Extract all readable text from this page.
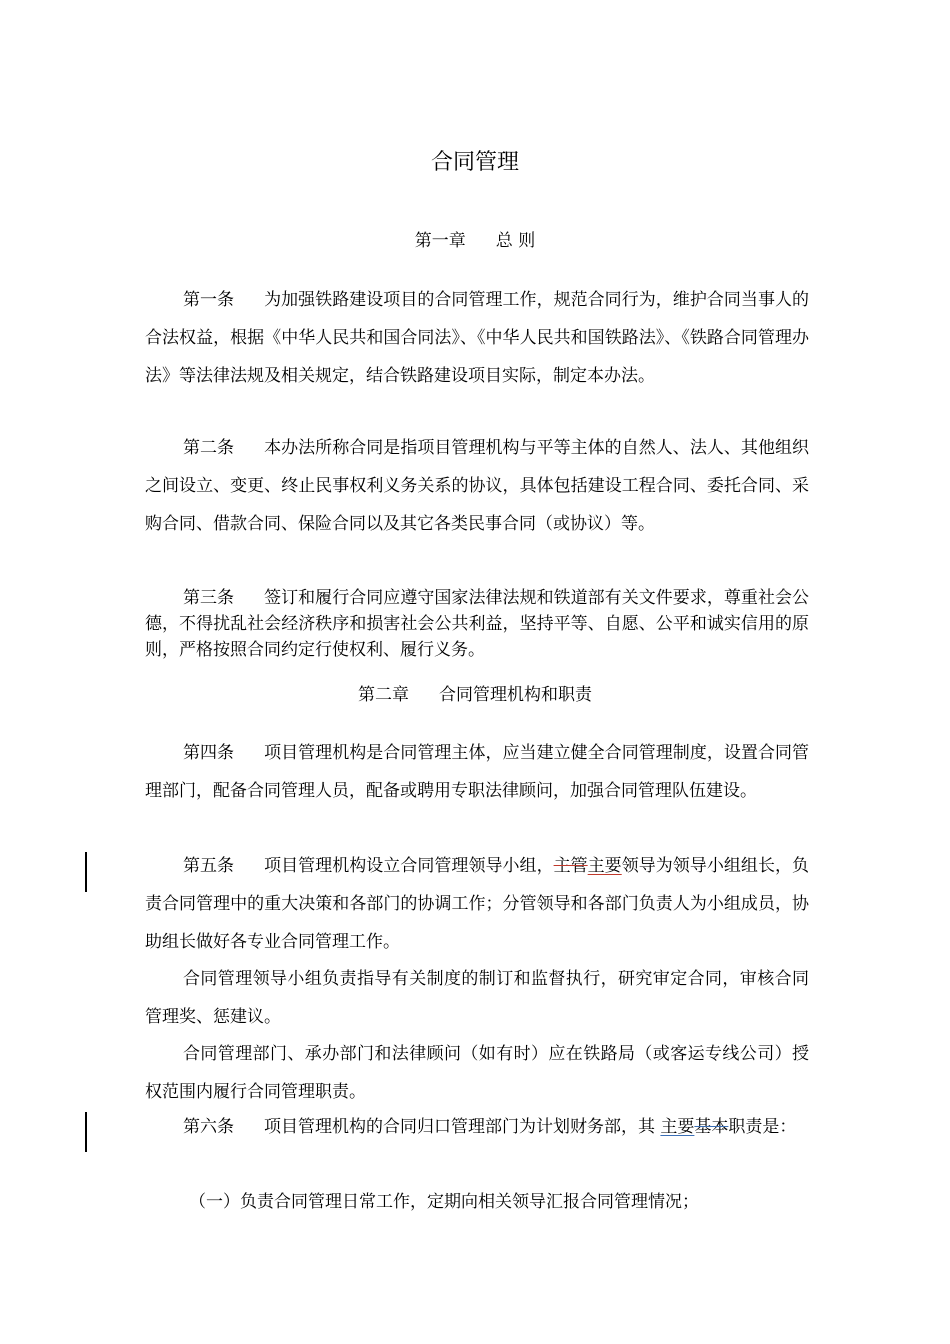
合同管理
第一章 总 则
第一条 为加强铁路建设项目的合同管理工作，规范合同行为，维护合同当事人的合法权益，根据《中华人民共和国合同法》、《中华人民共和国铁路法》、《铁路合同管理办法》等法律法规及相关规定，结合铁路建设项目实际，制定本办法。
第二条 本办法所称合同是指项目管理机构与平等主体的自然人、法人、其他组织之间设立、变更、终止民事权利义务关系的协议，具体包括建设工程合同、委托合同、采购合同、借款合同、保险合同以及其它各类民事合同（或协议）等。
第三条 签订和履行合同应遵守国家法律法规和铁道部有关文件要求，尊重社会公德，不得扰乱社会经济秩序和损害社会公共利益，坚持平等、自愿、公平和诚实信用的原则，严格按照合同约定行使权利、履行义务。
第二章 合同管理机构和职责
第四条 项目管理机构是合同管理主体，应当建立健全合同管理制度，设置合同管理部门，配备合同管理人员，配备或聘用专职法律顾问，加强合同管理队伍建设。
第五条 项目管理机构设立合同管理领导小组，主管主要领导为领导小组组长，负责合同管理中的重大决策和各部门的协调工作；分管领导和各部门负责人为小组成员，协助组长做好各专业合同管理工作。
合同管理领导小组负责指导有关制度的制订和监督执行，研究审定合同，审核合同管理奖、惩建议。
合同管理部门、承办部门和法律顾问（如有时）应在铁路局（或客运专线公司）授权范围内履行合同管理职责。
第六条 项目管理机构的合同归口管理部门为计划财务部，其 主要基本职责是：
（一）负责合同管理日常工作，定期向相关领导汇报合同管理情况；
